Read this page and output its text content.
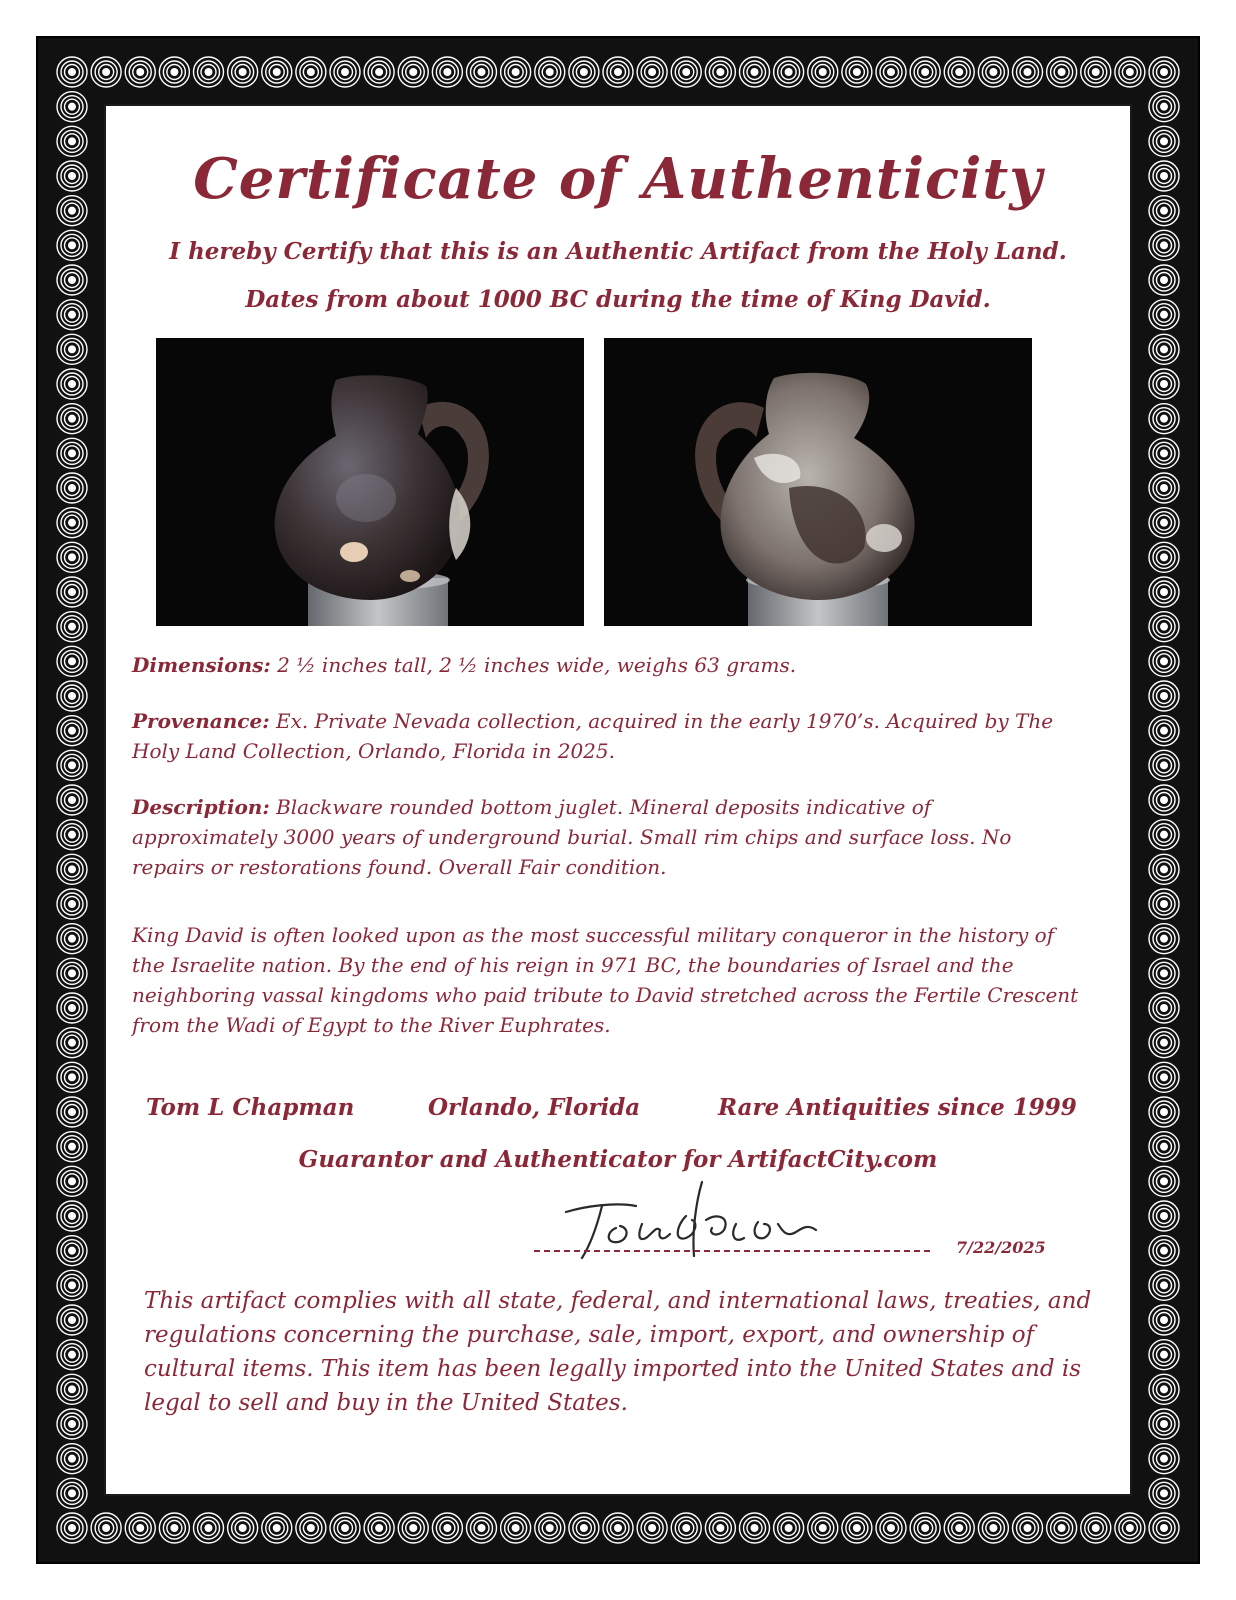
Certificate of Authenticity
I hereby Certify that this is an Authentic Artifact from the Holy Land.
Dates from about 1000 BC during the time of King David.
Dimensions: 2 ½ inches tall, 2 ½ inches wide, weighs 63 grams.
Provenance: Ex. Private Nevada collection, acquired in the early 1970’s. Acquired by The Holy Land Collection, Orlando, Florida in 2025.
Description: Blackware rounded bottom juglet. Mineral deposits indicative of approximately 3000 years of underground burial. Small rim chips and surface loss. No repairs or restorations found. Overall Fair condition.
King David is often looked upon as the most successful military conqueror in the history of the Israelite nation. By the end of his reign in 971 BC, the boundaries of Israel and the neighboring vassal kingdoms who paid tribute to David stretched across the Fertile Crescent from the Wadi of Egypt to the River Euphrates.
Tom L Chapman	Orlando, Florida	Rare Antiquities since 1999
Guarantor and Authenticator for ArtifactCity.com
7/22/2025
This artifact complies with all state, federal, and international laws, treaties, and regulations concerning the purchase, sale, import, export, and ownership of cultural items. This item has been legally imported into the United States and is legal to sell and buy in the United States.
